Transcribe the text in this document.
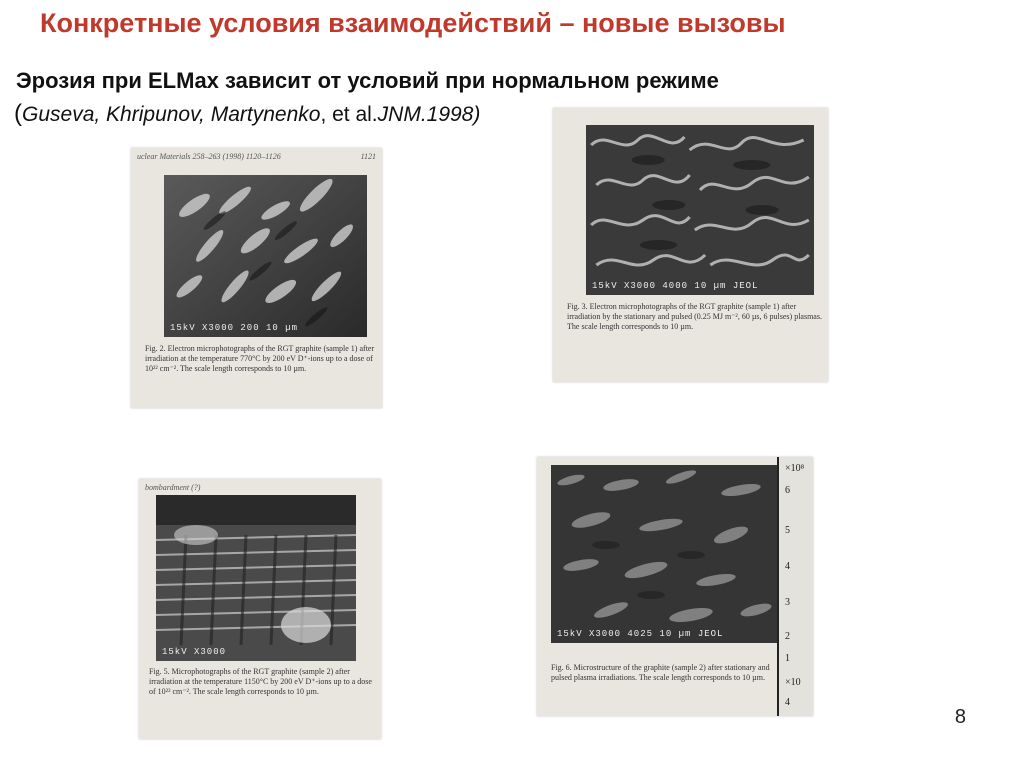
Конкретные условия взаимодействий – новые вызовы
Эрозия при ELMax зависит от условий при нормальном режиме
(Guseva, Khripunov, Martynenko, et al.JNM.1998)
uclear Materials 258–263 (1998) 1120–1126	1121
15kV X3000 200 10 µm
Fig. 2. Electron microphotographs of the RGT graphite (sample 1) after irradiation at the temperature 770°C by 200 eV D⁺-ions up to a dose of 10²² cm⁻². The scale length corresponds to 10 µm.
15kV X3000 4000 10 µm JEOL
Fig. 3. Electron microphotographs of the RGT graphite (sample 1) after irradiation by the stationary and pulsed (0.25 MJ m⁻², 60 µs, 6 pulses) plasmas. The scale length corresponds to 10 µm.
bombardment (?)
15kV X3000
Fig. 5. Microphotographs of the RGT graphite (sample 2) after irradiation at the temperature 1150°C by 200 eV D⁺-ions up to a dose of 10²² cm⁻². The scale length corresponds to 10 µm.
15kV X3000 4025 10 µm JEOL
Fig. 6. Microstructure of the graphite (sample 2) after stationary and pulsed plasma irradiations. The scale length corresponds to 10 µm.
×10⁸
6
5
4
3
2
1
×10
4
8
